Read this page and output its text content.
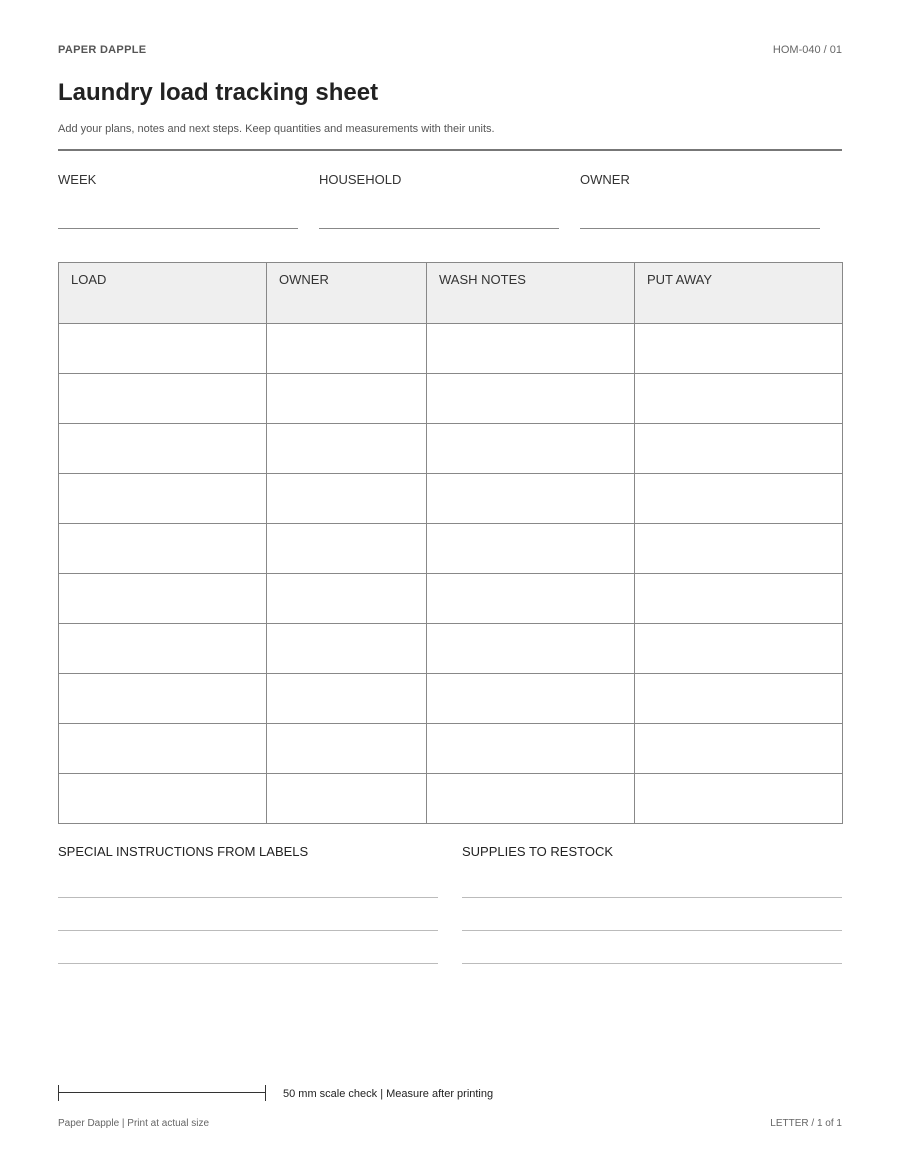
PAPER DAPPLE	HOM-040 / 01
Laundry load tracking sheet
Add your plans, notes and next steps. Keep quantities and measurements with their units.
WEEK	HOUSEHOLD	OWNER
LOAD	OWNER	WASH NOTES	PUT AWAY

SPECIAL INSTRUCTIONS FROM LABELS	SUPPLIES TO RESTOCK
50 mm scale check | Measure after printing
Paper Dapple | Print at actual size	LETTER / 1 of 1
